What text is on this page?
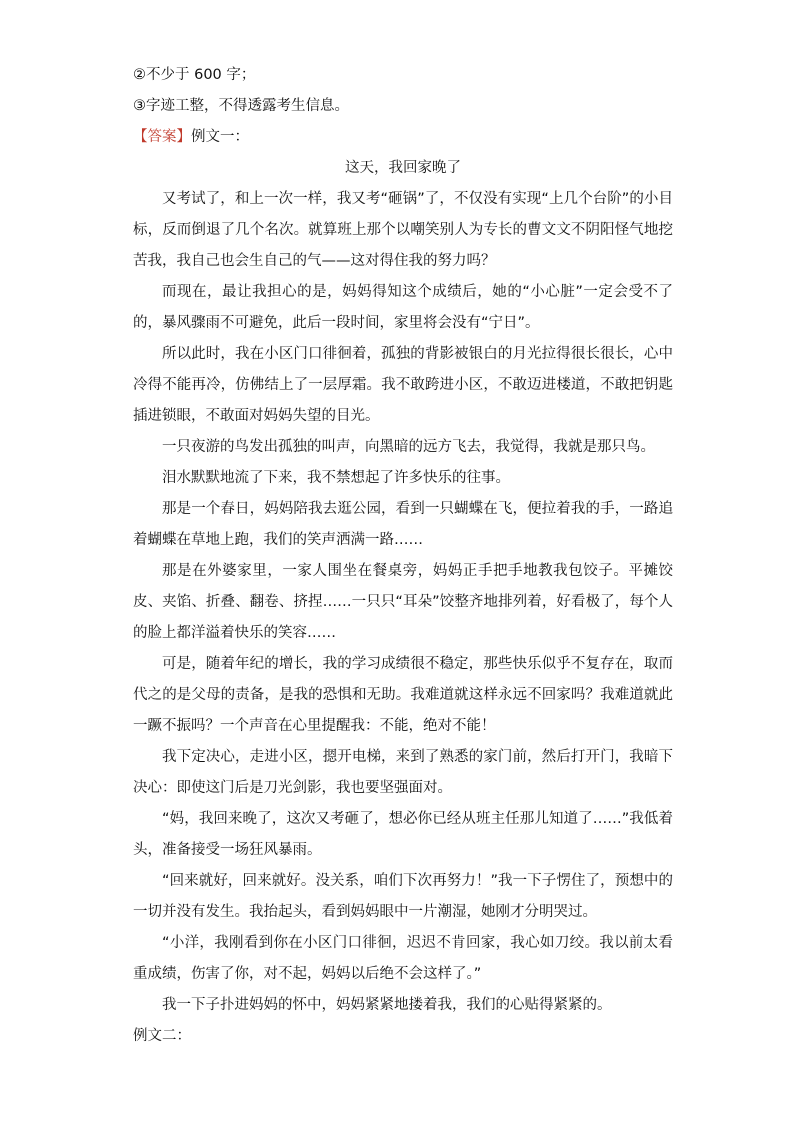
②不少于 600 字；

③字迹工整，不得透露考生信息。

【答案】例文一：

这天，我回家晚了

又考试了，和上一次一样，我又考“砸锅”了，不仅没有实现“上几个台阶”的小目标，反而倒退了几个名次。就算班上那个以嘲笑别人为专长的曹文文不阴阳怪气地挖苦我，我自己也会生自己的气——这对得住我的努力吗？

而现在，最让我担心的是，妈妈得知这个成绩后，她的“小心脏”一定会受不了的，暴风骤雨不可避免，此后一段时间，家里将会没有“宁日”。

所以此时，我在小区门口徘徊着，孤独的背影被银白的月光拉得很长很长，心中冷得不能再冷，仿佛结上了一层厚霜。我不敢跨进小区，不敢迈进楼道，不敢把钥匙插进锁眼，不敢面对妈妈失望的目光。

一只夜游的鸟发出孤独的叫声，向黑暗的远方飞去，我觉得，我就是那只鸟。

泪水默默地流了下来，我不禁想起了许多快乐的往事。

那是一个春日，妈妈陪我去逛公园，看到一只蝴蝶在飞，便拉着我的手，一路追着蝴蝶在草地上跑，我们的笑声洒满一路……

那是在外婆家里，一家人围坐在餐桌旁，妈妈正手把手地教我包饺子。平摊饺皮、夹馅、折叠、翻卷、挤捏……一只只“耳朵”饺整齐地排列着，好看极了，每个人的脸上都洋溢着快乐的笑容……

可是，随着年纪的增长，我的学习成绩很不稳定，那些快乐似乎不复存在，取而代之的是父母的责备，是我的恐惧和无助。我难道就这样永远不回家吗？我难道就此一蹶不振吗？一个声音在心里提醒我：不能，绝对不能！

我下定决心，走进小区，摁开电梯，来到了熟悉的家门前，然后打开门，我暗下决心：即使这门后是刀光剑影，我也要坚强面对。

“妈，我回来晚了，这次又考砸了，想必你已经从班主任那儿知道了……”我低着头，准备接受一场狂风暴雨。

“回来就好，回来就好。没关系，咱们下次再努力！”我一下子愣住了，预想中的一切并没有发生。我抬起头，看到妈妈眼中一片潮湿，她刚才分明哭过。

“小洋，我刚看到你在小区门口徘徊，迟迟不肯回家，我心如刀绞。我以前太看重成绩，伤害了你，对不起，妈妈以后绝不会这样了。”

我一下子扑进妈妈的怀中，妈妈紧紧地搂着我，我们的心贴得紧紧的。

例文二：
